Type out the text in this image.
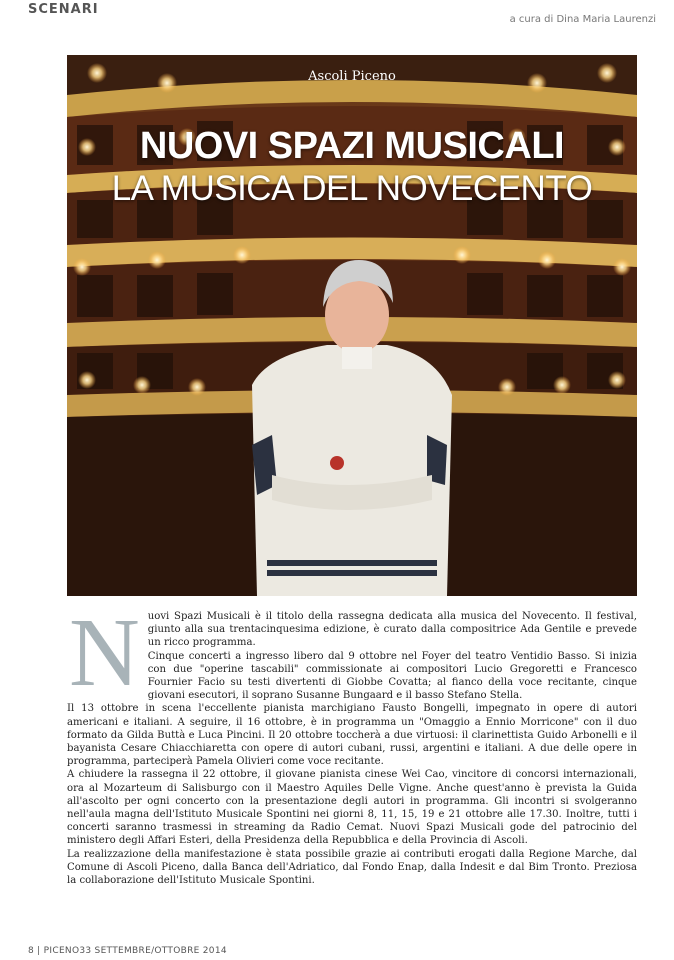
SCENARI
a cura di Dina Maria Laurenzi
Ascoli Piceno
NUOVI SPAZI MUSICALI
LA MUSICA DEL NOVECENTO
N uovi Spazi Musicali è il titolo della rassegna dedicata alla musica del Novecento. Il festival, giunto alla sua trentacinquesima edizione, è curato dalla compositrice Ada Gentile e prevede un ricco programma.

Cinque concerti a ingresso libero dal 9 ottobre nel Foyer del teatro Ventidio Basso. Si inizia con due "operine tascabili" commissionate ai compositori Lucio Gregoretti e Francesco Fournier Facio su testi divertenti di Giobbe Covatta; al fianco della voce recitante, cinque giovani esecutori, il soprano Susanne Bungaard e il basso Stefano Stella.

Il 13 ottobre in scena l'eccellente pianista marchigiano Fausto Bongelli, impegnato in opere di autori americani e italiani. A seguire, il 16 ottobre, è in programma un "Omaggio a Ennio Morricone" con il duo formato da Gilda Buttà e Luca Pincini. Il 20 ottobre toccherà a due virtuosi: il clarinettista Guido Arbonelli e il bayanista Cesare Chiacchiaretta con opere di autori cubani, russi, argentini e italiani. A due delle opere in programma, parteciperà Pamela Olivieri come voce recitante.

A chiudere la rassegna il 22 ottobre, il giovane pianista cinese Wei Cao, vincitore di concorsi internazionali, ora al Mozarteum di Salisburgo con il Maestro Aquiles Delle Vigne. Anche quest'anno è prevista la Guida all'ascolto per ogni concerto con la presentazione degli autori in programma. Gli incontri si svolgeranno nell'aula magna dell'Istituto Musicale Spontini nei giorni 8, 11, 15, 19 e 21 ottobre alle 17.30. Inoltre, tutti i concerti saranno trasmessi in streaming da Radio Cemat. Nuovi Spazi Musicali gode del patrocinio del ministero degli Affari Esteri, della Presidenza della Repubblica e della Provincia di Ascoli.

La realizzazione della manifestazione è stata possibile grazie ai contributi erogati dalla Regione Marche, dal Comune di Ascoli Piceno, dalla Banca dell'Adriatico, dal Fondo Enap, dalla Indesit e dal Bim Tronto. Preziosa la collaborazione dell'Istituto Musicale Spontini.

8 | PICENO33 SETTEMBRE/OTTOBRE 2014
